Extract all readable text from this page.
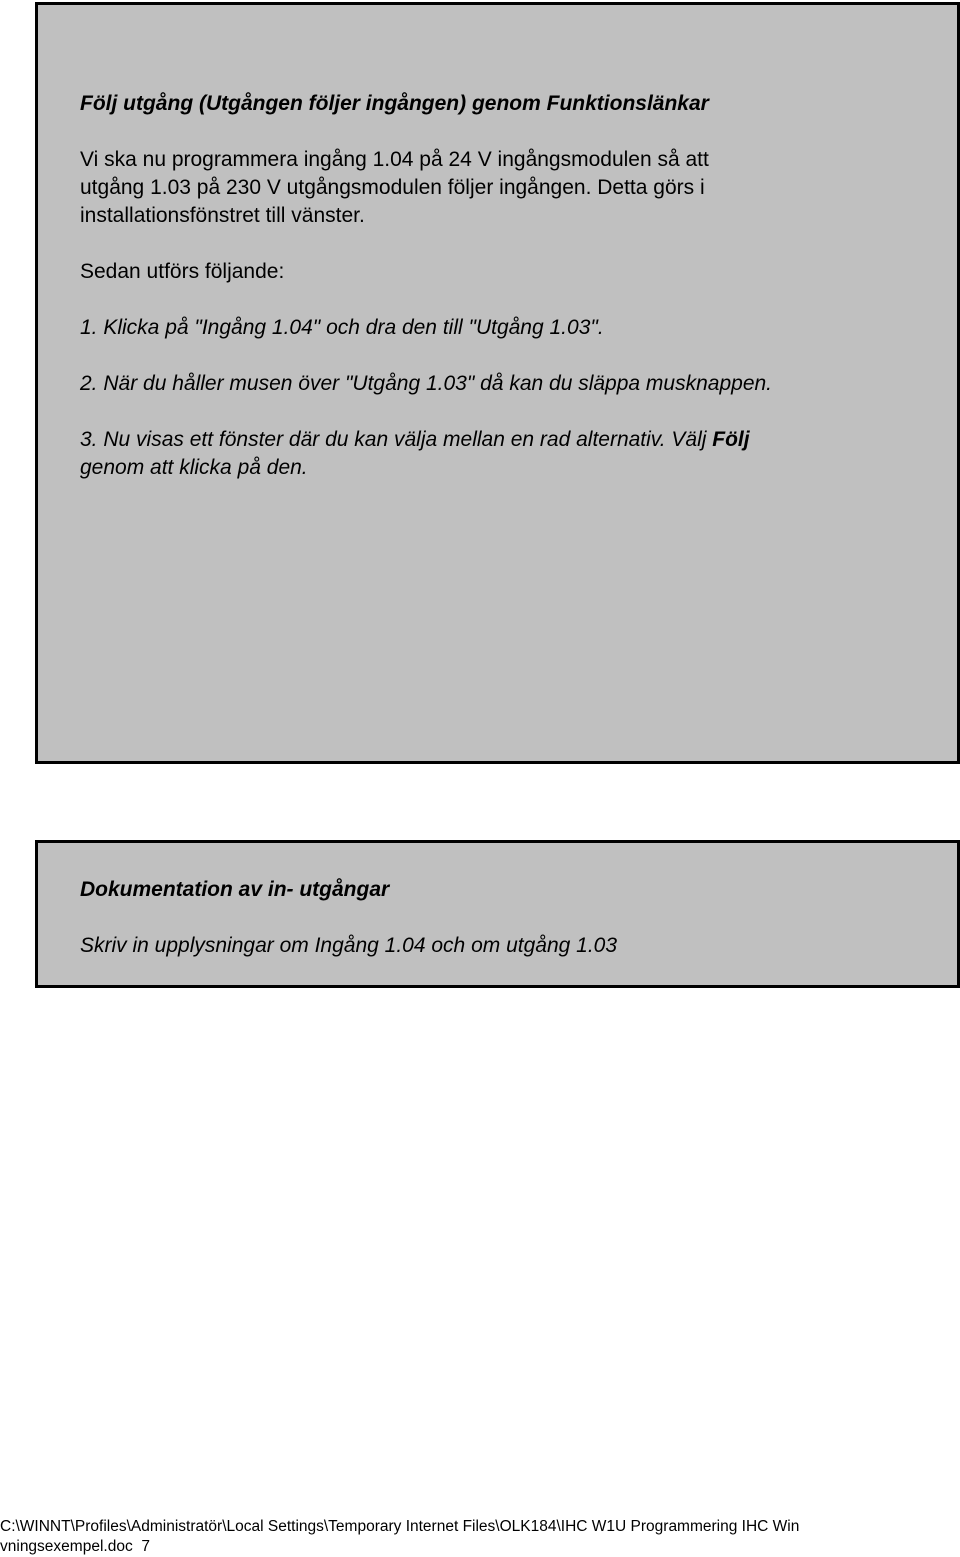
Följ utgång (Utgången följer ingången) genom Funktionslänkar
Vi ska nu programmera ingång 1.04 på 24 V ingångsmodulen så att
utgång 1.03 på 230 V utgångsmodulen följer ingången. Detta görs i
installationsfönstret till vänster.
Sedan utförs följande:
1. Klicka på "Ingång 1.04" och dra den till "Utgång 1.03".
2. När du håller musen över "Utgång 1.03" då kan du släppa musknappen.
3. Nu visas ett fönster där du kan välja mellan en rad alternativ. Välj Följ
genom att klicka på den.
Dokumentation av in- utgångar
Skriv in upplysningar om Ingång 1.04 och om utgång 1.03
C:\WINNT\Profiles\Administratör\Local Settings\Temporary Internet Files\OLK184\IHC W1U Programmering IHC Win
vningsexempel.doc 7
